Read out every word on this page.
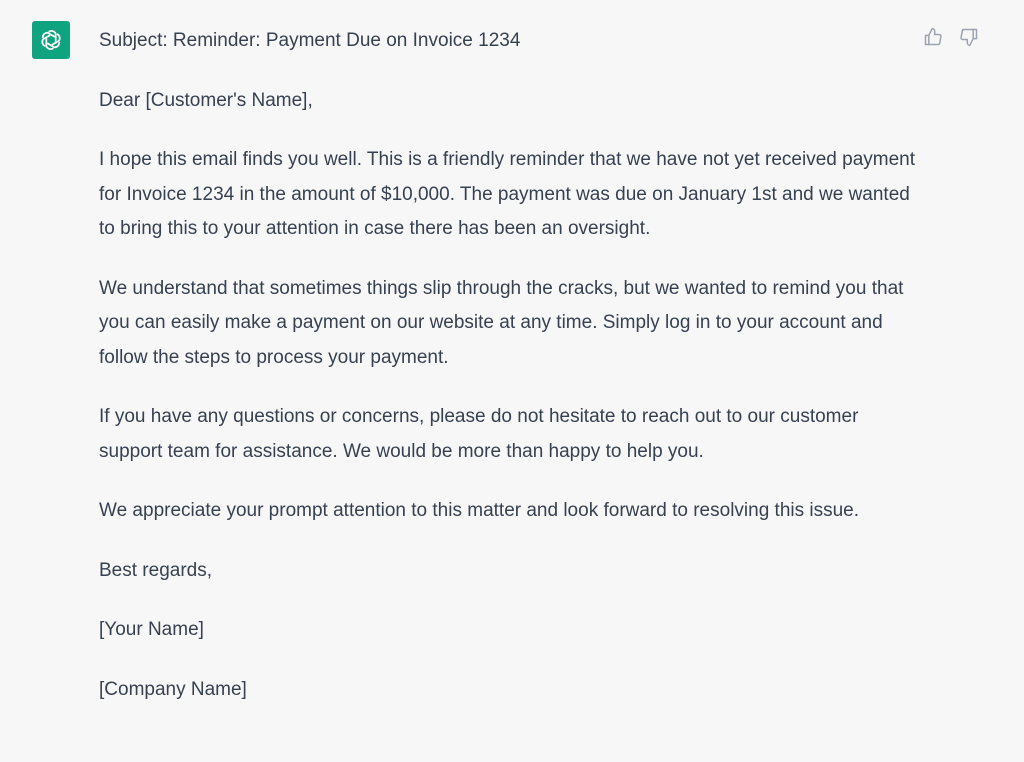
Subject: Reminder: Payment Due on Invoice 1234

Dear [Customer's Name],

I hope this email finds you well. This is a friendly reminder that we have not yet received payment for Invoice 1234 in the amount of $10,000. The payment was due on January 1st and we wanted to bring this to your attention in case there has been an oversight.

We understand that sometimes things slip through the cracks, but we wanted to remind you that you can easily make a payment on our website at any time. Simply log in to your account and follow the steps to process your payment.

If you have any questions or concerns, please do not hesitate to reach out to our customer support team for assistance. We would be more than happy to help you.

We appreciate your prompt attention to this matter and look forward to resolving this issue.

Best regards,

[Your Name]

[Company Name]
